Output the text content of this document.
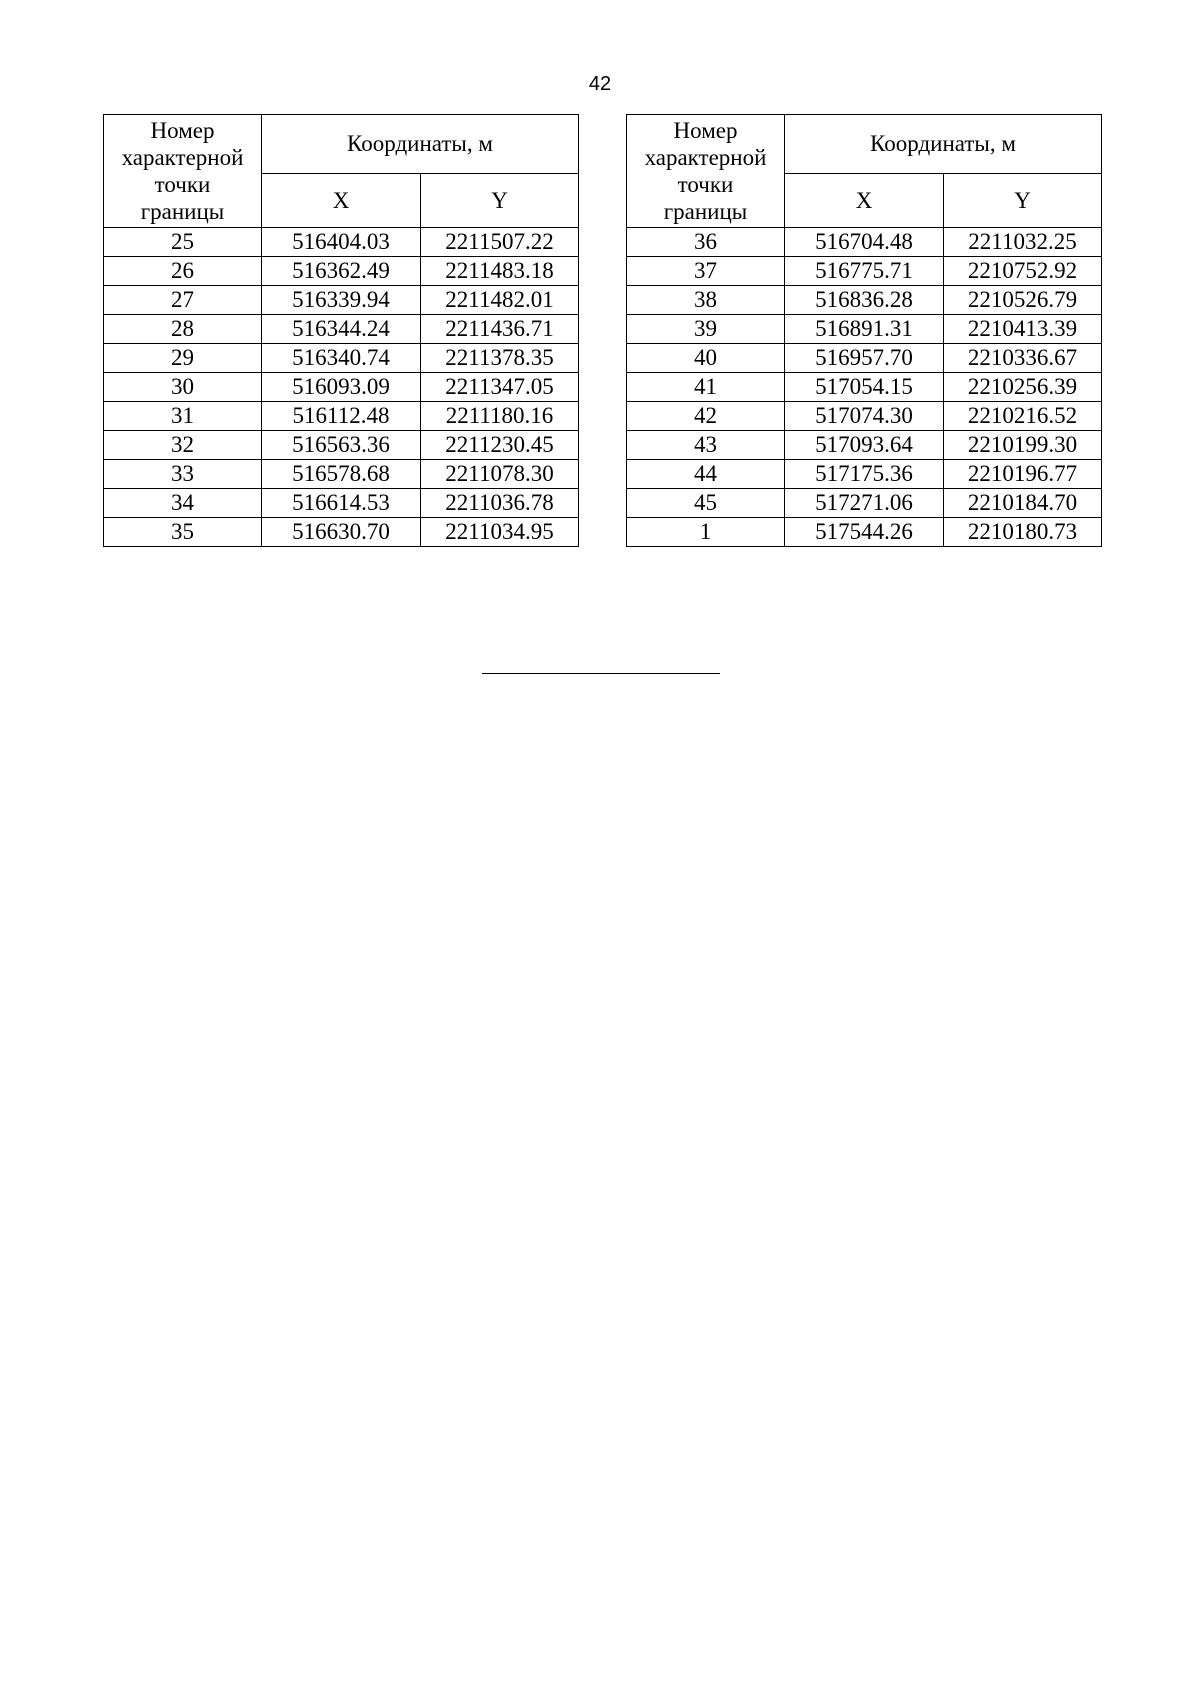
42
Номер
характерной
точки
границы	Координаты, м	
	X	Y
25	516404.03	2211507.22
26	516362.49	2211483.18
27	516339.94	2211482.01
28	516344.24	2211436.71
29	516340.74	2211378.35
30	516093.09	2211347.05
31	516112.48	2211180.16
32	516563.36	2211230.45
33	516578.68	2211078.30
34	516614.53	2211036.78
35	516630.70	2211034.95
Номер
характерной
точки
границы	Координаты, м	
	X	Y
36	516704.48	2211032.25
37	516775.71	2210752.92
38	516836.28	2210526.79
39	516891.31	2210413.39
40	516957.70	2210336.67
41	517054.15	2210256.39
42	517074.30	2210216.52
43	517093.64	2210199.30
44	517175.36	2210196.77
45	517271.06	2210184.70
1	517544.26	2210180.73
